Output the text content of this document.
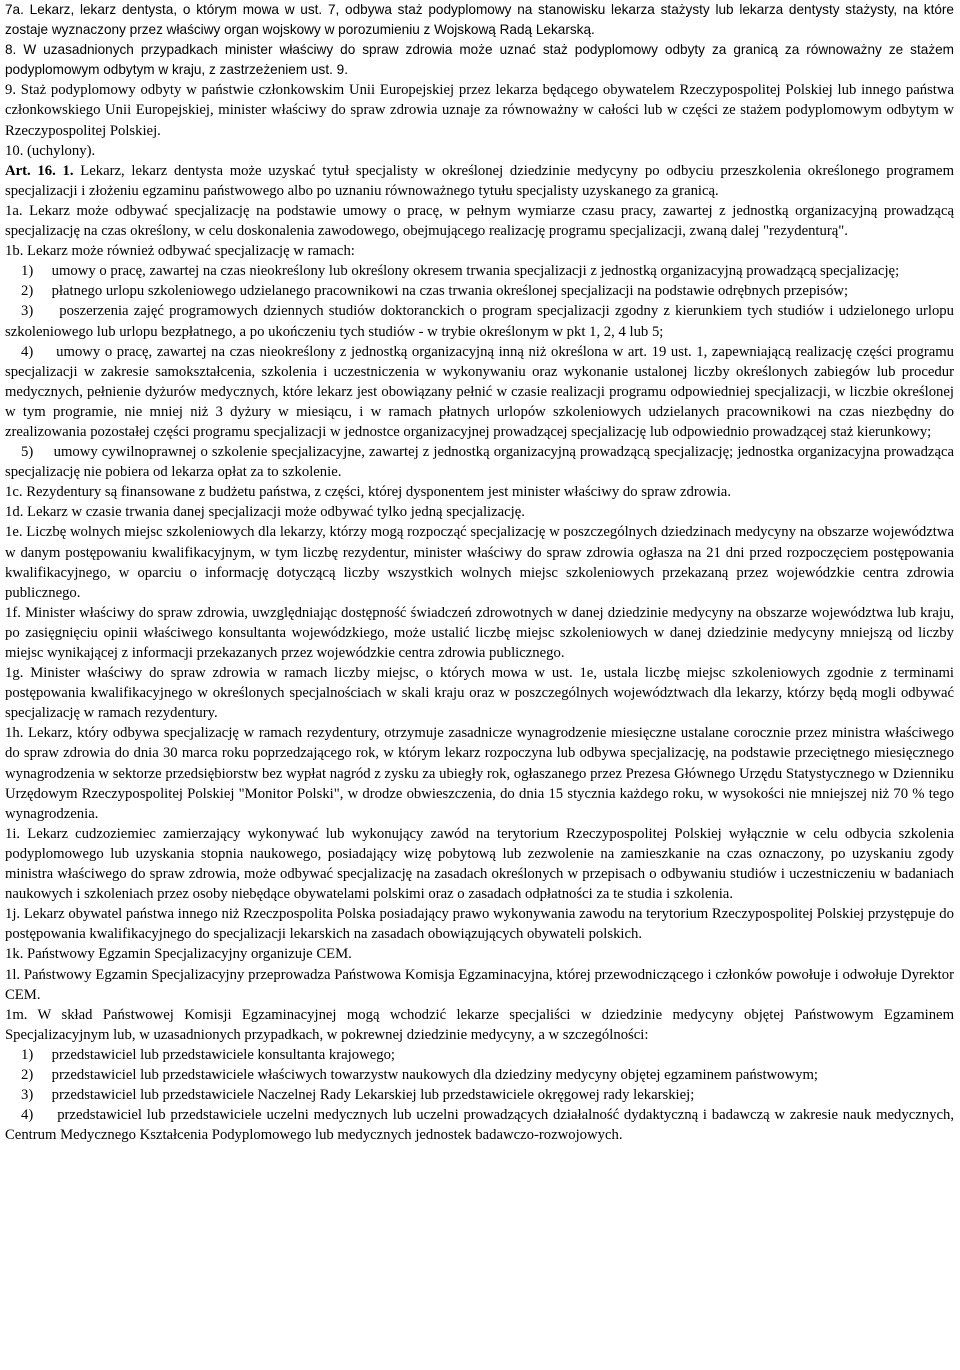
7a. Lekarz, lekarz dentysta, o którym mowa w ust. 7, odbywa staż podyplomowy na stanowisku lekarza stażysty lub lekarza dentysty stażysty, na które zostaje wyznaczony przez właściwy organ wojskowy w porozumieniu z Wojskową Radą Lekarską.

8. W uzasadnionych przypadkach minister właściwy do spraw zdrowia może uznać staż podyplomowy odbyty za granicą za równoważny ze stażem podyplomowym odbytym w kraju, z zastrzeżeniem ust. 9.

9. Staż podyplomowy odbyty w państwie członkowskim Unii Europejskiej przez lekarza będącego obywatelem Rzeczypospolitej Polskiej lub innego państwa członkowskiego Unii Europejskiej, minister właściwy do spraw zdrowia uznaje za równoważny w całości lub w części ze stażem podyplomowym odbytym w Rzeczypospolitej Polskiej.

10. (uchylony).

Art. 16. 1. Lekarz, lekarz dentysta może uzyskać tytuł specjalisty w określonej dziedzinie medycyny po odbyciu przeszkolenia określonego programem specjalizacji i złożeniu egzaminu państwowego albo po uznaniu równoważnego tytułu specjalisty uzyskanego za granicą.

1a. Lekarz może odbywać specjalizację na podstawie umowy o pracę, w pełnym wymiarze czasu pracy, zawartej z jednostką organizacyjną prowadzącą specjalizację na czas określony, w celu doskonalenia zawodowego, obejmującego realizację programu specjalizacji, zwaną dalej "rezydenturą".

1b. Lekarz może również odbywać specjalizację w ramach:

1)     umowy o pracę, zawartej na czas nieokreślony lub określony okresem trwania specjalizacji z jednostką organizacyjną prowadzącą specjalizację;

2)     płatnego urlopu szkoleniowego udzielanego pracownikowi na czas trwania określonej specjalizacji na podstawie odrębnych przepisów;

3)     poszerzenia zajęć programowych dziennych studiów doktoranckich o program specjalizacji zgodny z kierunkiem tych studiów i udzielonego urlopu szkoleniowego lub urlopu bezpłatnego, a po ukończeniu tych studiów - w trybie określonym w pkt 1, 2, 4 lub 5;

4)     umowy o pracę, zawartej na czas nieokreślony z jednostką organizacyjną inną niż określona w art. 19 ust. 1, zapewniającą realizację części programu specjalizacji w zakresie samokształcenia, szkolenia i uczestniczenia w wykonywaniu oraz wykonanie ustalonej liczby określonych zabiegów lub procedur medycznych, pełnienie dyżurów medycznych, które lekarz jest obowiązany pełnić w czasie realizacji programu odpowiedniej specjalizacji, w liczbie określonej w tym programie, nie mniej niż 3 dyżury w miesiącu, i w ramach płatnych urlopów szkoleniowych udzielanych pracownikowi na czas niezbędny do zrealizowania pozostałej części programu specjalizacji w jednostce organizacyjnej prowadzącej specjalizację lub odpowiednio prowadzącej staż kierunkowy;

5)     umowy cywilnoprawnej o szkolenie specjalizacyjne, zawartej z jednostką organizacyjną prowadzącą specjalizację; jednostka organizacyjna prowadząca specjalizację nie pobiera od lekarza opłat za to szkolenie.

1c. Rezydentury są finansowane z budżetu państwa, z części, której dysponentem jest minister właściwy do spraw zdrowia.

1d. Lekarz w czasie trwania danej specjalizacji może odbywać tylko jedną specjalizację.

1e. Liczbę wolnych miejsc szkoleniowych dla lekarzy, którzy mogą rozpocząć specjalizację w poszczególnych dziedzinach medycyny na obszarze województwa w danym postępowaniu kwalifikacyjnym, w tym liczbę rezydentur, minister właściwy do spraw zdrowia ogłasza na 21 dni przed rozpoczęciem postępowania kwalifikacyjnego, w oparciu o informację dotyczącą liczby wszystkich wolnych miejsc szkoleniowych przekazaną przez wojewódzkie centra zdrowia publicznego.

1f. Minister właściwy do spraw zdrowia, uwzględniając dostępność świadczeń zdrowotnych w danej dziedzinie medycyny na obszarze województwa lub kraju, po zasięgnięciu opinii właściwego konsultanta wojewódzkiego, może ustalić liczbę miejsc szkoleniowych w danej dziedzinie medycyny mniejszą od liczby miejsc wynikającej z informacji przekazanych przez wojewódzkie centra zdrowia publicznego.

1g. Minister właściwy do spraw zdrowia w ramach liczby miejsc, o których mowa w ust. 1e, ustala liczbę miejsc szkoleniowych zgodnie z terminami postępowania kwalifikacyjnego w określonych specjalnościach w skali kraju oraz w poszczególnych województwach dla lekarzy, którzy będą mogli odbywać specjalizację w ramach rezydentury.

1h. Lekarz, który odbywa specjalizację w ramach rezydentury, otrzymuje zasadnicze wynagrodzenie miesięczne ustalane corocznie przez ministra właściwego do spraw zdrowia do dnia 30 marca roku poprzedzającego rok, w którym lekarz rozpoczyna lub odbywa specjalizację, na podstawie przeciętnego miesięcznego wynagrodzenia w sektorze przedsiębiorstw bez wypłat nagród z zysku za ubiegły rok, ogłaszanego przez Prezesa Głównego Urzędu Statystycznego w Dzienniku Urzędowym Rzeczypospolitej Polskiej "Monitor Polski", w drodze obwieszczenia, do dnia 15 stycznia każdego roku, w wysokości nie mniejszej niż 70 % tego wynagrodzenia.

1i. Lekarz cudzoziemiec zamierzający wykonywać lub wykonujący zawód na terytorium Rzeczypospolitej Polskiej wyłącznie w celu odbycia szkolenia podyplomowego lub uzyskania stopnia naukowego, posiadający wizę pobytową lub zezwolenie na zamieszkanie na czas oznaczony, po uzyskaniu zgody ministra właściwego do spraw zdrowia, może odbywać specjalizację na zasadach określonych w przepisach o odbywaniu studiów i uczestniczeniu w badaniach naukowych i szkoleniach przez osoby niebędące obywatelami polskimi oraz o zasadach odpłatności za te studia i szkolenia.

1j. Lekarz obywatel państwa innego niż Rzeczpospolita Polska posiadający prawo wykonywania zawodu na terytorium Rzeczypospolitej Polskiej przystępuje do postępowania kwalifikacyjnego do specjalizacji lekarskich na zasadach obowiązujących obywateli polskich.

1k. Państwowy Egzamin Specjalizacyjny organizuje CEM.

1l. Państwowy Egzamin Specjalizacyjny przeprowadza Państwowa Komisja Egzaminacyjna, której przewodniczącego i członków powołuje i odwołuje Dyrektor CEM.

1m. W skład Państwowej Komisji Egzaminacyjnej mogą wchodzić lekarze specjaliści w dziedzinie medycyny objętej Państwowym Egzaminem Specjalizacyjnym lub, w uzasadnionych przypadkach, w pokrewnej dziedzinie medycyny, a w szczególności:

1)     przedstawiciel lub przedstawiciele konsultanta krajowego;

2)     przedstawiciel lub przedstawiciele właściwych towarzystw naukowych dla dziedziny medycyny objętej egzaminem państwowym;

3)     przedstawiciel lub przedstawiciele Naczelnej Rady Lekarskiej lub przedstawiciele okręgowej rady lekarskiej;

4)     przedstawiciel lub przedstawiciele uczelni medycznych lub uczelni prowadzących działalność dydaktyczną i badawczą w zakresie nauk medycznych, Centrum Medycznego Kształcenia Podyplomowego lub medycznych jednostek badawczo-rozwojowych.
